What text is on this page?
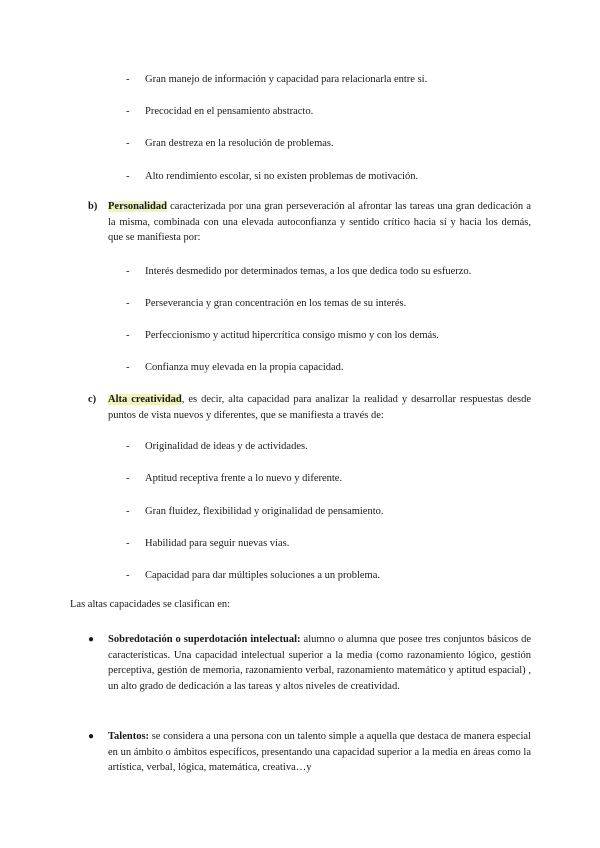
- Gran manejo de información y capacidad para relacionarla entre sí.
- Precocidad en el pensamiento abstracto.
- Gran destreza en la resolución de problemas.
- Alto rendimiento escolar, si no existen problemas de motivación.
b) Personalidad caracterizada por una gran perseveración al afrontar las tareas una gran dedicación a la misma, combinada con una elevada autoconfianza y sentido crítico hacia sí y hacia los demás, que se manifiesta por:
- Interés desmedido por determinados temas, a los que dedica todo su esfuerzo.
- Perseverancia y gran concentración en los temas de su interés.
- Perfeccionismo y actitud hipercrítica consigo mismo y con los demás.
- Confianza muy elevada en la propia capacidad.
c) Alta creatividad, es decir, alta capacidad para analizar la realidad y desarrollar respuestas desde puntos de vista nuevos y diferentes, que se manifiesta a través de:
- Originalidad de ideas y de actividades.
- Aptitud receptiva frente a lo nuevo y diferente.
- Gran fluidez, flexibilidad y originalidad de pensamiento.
- Habilidad para seguir nuevas vías.
- Capacidad para dar múltiples soluciones a un problema.
Las altas capacidades se clasifican en:
● Sobredotación o superdotación intelectual: alumno o alumna que posee tres conjuntos básicos de características. Una capacidad intelectual superior a la media (como razonamiento lógico, gestión perceptiva, gestión de memoria, razonamiento verbal, razonamiento matemático y aptitud espacial) , un alto grado de dedicación a las tareas y altos niveles de creatividad.
● Talentos: se considera a una persona con un talento simple a aquella que destaca de manera especial en un ámbito o ámbitos específicos, presentando una capacidad superior a la media en áreas como la artística, verbal, lógica, matemática, creativa…y
